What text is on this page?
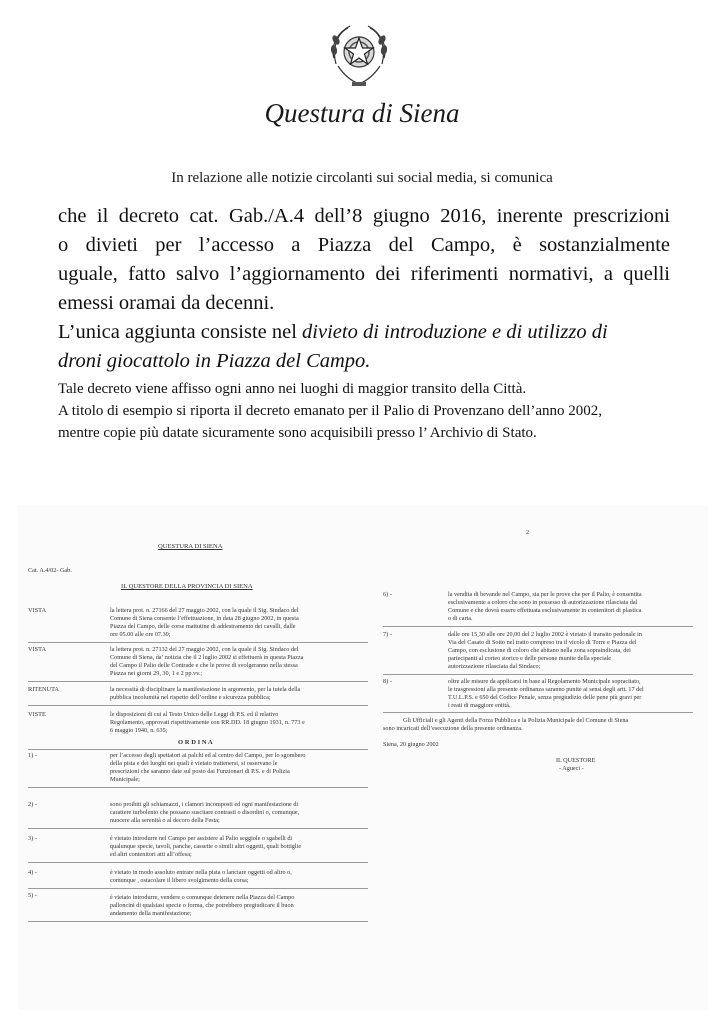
Questura di Siena
In relazione alle notizie circolanti sui social media, si comunica
che il decreto cat. Gab./A.4 dell’8 giugno 2016, inerente prescrizioni
o divieti per l’accesso a Piazza del Campo, è sostanzialmente
uguale, fatto salvo l’aggiornamento dei riferimenti normativi, a quelli
emessi oramai da decenni.
L’unica aggiunta consiste nel divieto di introduzione e di utilizzo di
droni giocattolo in Piazza del Campo.
Tale decreto viene affisso ogni anno nei luoghi di maggior transito della Città.
A titolo di esempio si riporta il decreto emanato per il Palio di Provenzano dell’anno 2002,
mentre copie più datate sicuramente sono acquisibili presso l’ Archivio di Stato.
2
QUESTURA DI SIENA
Cat. A.4/02- Gab.
IL QUESTORE DELLA PROVINCIA DI SIENA
VISTA	la lettera prot. n. 27166 del 27 maggio 2002, con la quale il Sig. Sindaco del
Comune di Siena consente l’effettuazione, in data 28 giugno 2002, in questa
Piazza del Campo, delle corse mattutine di addestramento dei cavalli, dalle
ore 05.00 alle ore 07.30;
VISTA	la lettera prot. n. 27132 del 27 maggio 2002, con la quale il Sig. Sindaco del
Comune di Siena, da’ notizia che il 2 luglio 2002 si effettuerà in questa Piazza
del Campo il Palio delle Contrade e che le prove di svolgeranno nella stessa
Piazza nei giorni 29, 30, 1 e 2 pp.vv.;
RITENUTA	la necessità di disciplinare la manifestazione in argomento, per la tutela della
pubblica incolumità nel rispetto dell’ordine e sicurezza pubblica;
VISTE	le disposizioni di cui al Testo Unico delle Leggi di P.S. ed il relativo
Regolamento, approvati rispettivamente con RR.DD. 18 giugno 1931, n. 773 e
6 maggio 1940, n. 635;
O R D I N A
1) -	per l’accesso degli spettatori ai palchi ed al centro del Campo, per lo sgombero
della pista e dei luoghi nei quali è vietato trattenersi, si osservano le
prescrizioni che saranno date sul posto dai Funzionari di P.S. e di Polizia
Municipale;
2) -	sono proibiti gli schiamazzi, i clamori incomposti ed ogni manifestazione di
carattere turbolento che possano suscitare contrasti o disordini o, comunque,
nuocere alla serenità o al decoro della Festa;
3) -	è vietato introdurre nel Campo per assistere al Palio seggiole o sgabelli di
qualunque specie, tavoli, panche, cassette o simili altri oggetti, quali bottiglie
ed altri contenitori atti all’offesa;
4) -	è vietato in modo assoluto entrare nella pista o lanciare oggetti od altro o,
comunque , ostacolare il libero svolgimento della corsa;
5) -	è vietato introdurre, vendere o comunque detenere nella Piazza del Campo
palloncini di qualsiasi specie o forma, che potrebbero pregiudicare il buon
andamento della manifestazione;
6) -	la vendita di bevande nel Campo, sia per le prove che per il Palio, è consentita
esclusivamente a coloro che sono in possesso di autorizzazione rilasciata dal
Comune e che dovrà essere effettuata esclusivamente in contenitori di plastica
o di carta.
7) -	dalle ore 15,30 alle ore 20,00 del 2 luglio 2002 è vietato il transito pedonale in
Via del Casato di Sotto nel tratto compreso tra il vicolo di Torre e Piazza del
Campo, con esclusione di coloro che abitano nella zona sopraindicata, dei
partecipanti al corteo storico e delle persone munite della speciale
autorizzazione rilasciata dal Sindaco;
8) -	oltre alle misure da applicarsi in base al Regolamento Municipale sopracitato,
le trasgressioni alla presente ordinanza saranno punite ai sensi degli artt. 17 del
T.U.L.P.S. e 650 del Codice Penale, senza pregiudizio delle pene più gravi per
i reati di maggiore entità.
Gli Ufficiali e gli Agenti della Forza Pubblica e la Polizia Municipale del Comune di Siena
sono incaricati dell’esecuzione della presente ordinanza.
Siena, 20 giugno 2002
IL QUESTORE
- Agueci -
